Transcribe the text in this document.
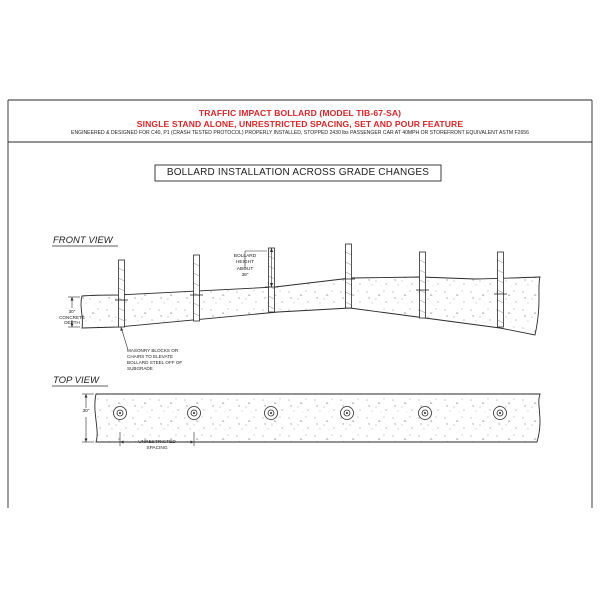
TRAFFIC IMPACT BOLLARD (MODEL TIB-67-SA)
SINGLE STAND ALONE, UNRESTRICTED SPACING, SET AND POUR FEATURE
ENGINEERED & DESIGNED FOR C40, P1 (CRASH TESTED PROTOCOL) PROPERLY INSTALLED, STOPPED 2430 lbs PASSENGER CAR AT 40MPH OR STOREFRONT EQUIVALENT ASTM F2656
BOLLARD INSTALLATION ACROSS GRADE CHANGES
FRONT VIEW
BOLLARD
HEIGHT
ABOUT
36"
30"
CONCRETE
DEPTH
MASONRY BLOCKS OR
CHAIRS TO ELEVATE
BOLLARD STEEL OFF OF
SUBGRADE
TOP VIEW
30"
UNRESTRICTED
SPACING
